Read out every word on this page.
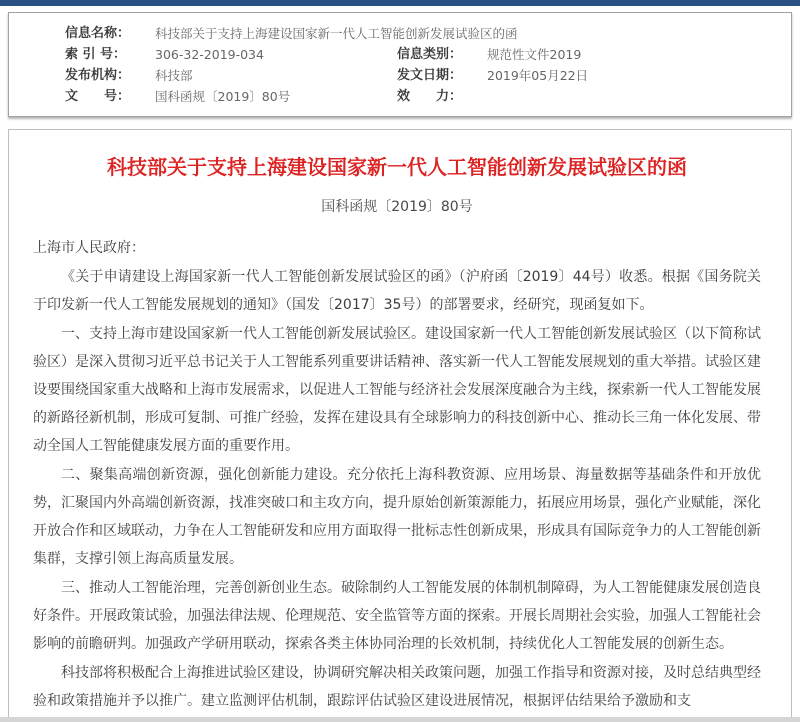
信息名称：	科技部关于支持上海建设国家新一代人工智能创新发展试验区的函
索 引 号：	306-32-2019-034	信息类别：	规范性文件2019
发布机构：	科技部	发文日期：	2019年05月22日
文　　号：	国科函规〔2019〕80号	效　　力：
科技部关于支持上海建设国家新一代人工智能创新发展试验区的函
国科函规〔2019〕80号

上海市人民政府：

《关于申请建设上海国家新一代人工智能创新发展试验区的函》（沪府函〔2019〕44号）收悉。根据《国务院关于印发新一代人工智能发展规划的通知》（国发〔2017〕35号）的部署要求，经研究，现函复如下。

一、支持上海市建设国家新一代人工智能创新发展试验区。建设国家新一代人工智能创新发展试验区（以下简称试验区）是深入贯彻习近平总书记关于人工智能系列重要讲话精神、落实新一代人工智能发展规划的重大举措。试验区建设要围绕国家重大战略和上海市发展需求，以促进人工智能与经济社会发展深度融合为主线，探索新一代人工智能发展的新路径新机制，形成可复制、可推广经验，发挥在建设具有全球影响力的科技创新中心、推动长三角一体化发展、带动全国人工智能健康发展方面的重要作用。

二、聚集高端创新资源，强化创新能力建设。充分依托上海科教资源、应用场景、海量数据等基础条件和开放优势，汇聚国内外高端创新资源，找准突破口和主攻方向，提升原始创新策源能力，拓展应用场景，强化产业赋能，深化开放合作和区域联动，力争在人工智能研发和应用方面取得一批标志性创新成果，形成具有国际竞争力的人工智能创新集群，支撑引领上海高质量发展。

三、推动人工智能治理，完善创新创业生态。破除制约人工智能发展的体制机制障碍，为人工智能健康发展创造良好条件。开展政策试验，加强法律法规、伦理规范、安全监管等方面的探索。开展长周期社会实验，加强人工智能社会影响的前瞻研判。加强政产学研用联动，探索各类主体协同治理的长效机制，持续优化人工智能发展的创新生态。

科技部将积极配合上海推进试验区建设，协调研究解决相关政策问题，加强工作指导和资源对接，及时总结典型经验和政策措施并予以推广。建立监测评估机制，跟踪评估试验区建设进展情况，根据评估结果给予激励和支
